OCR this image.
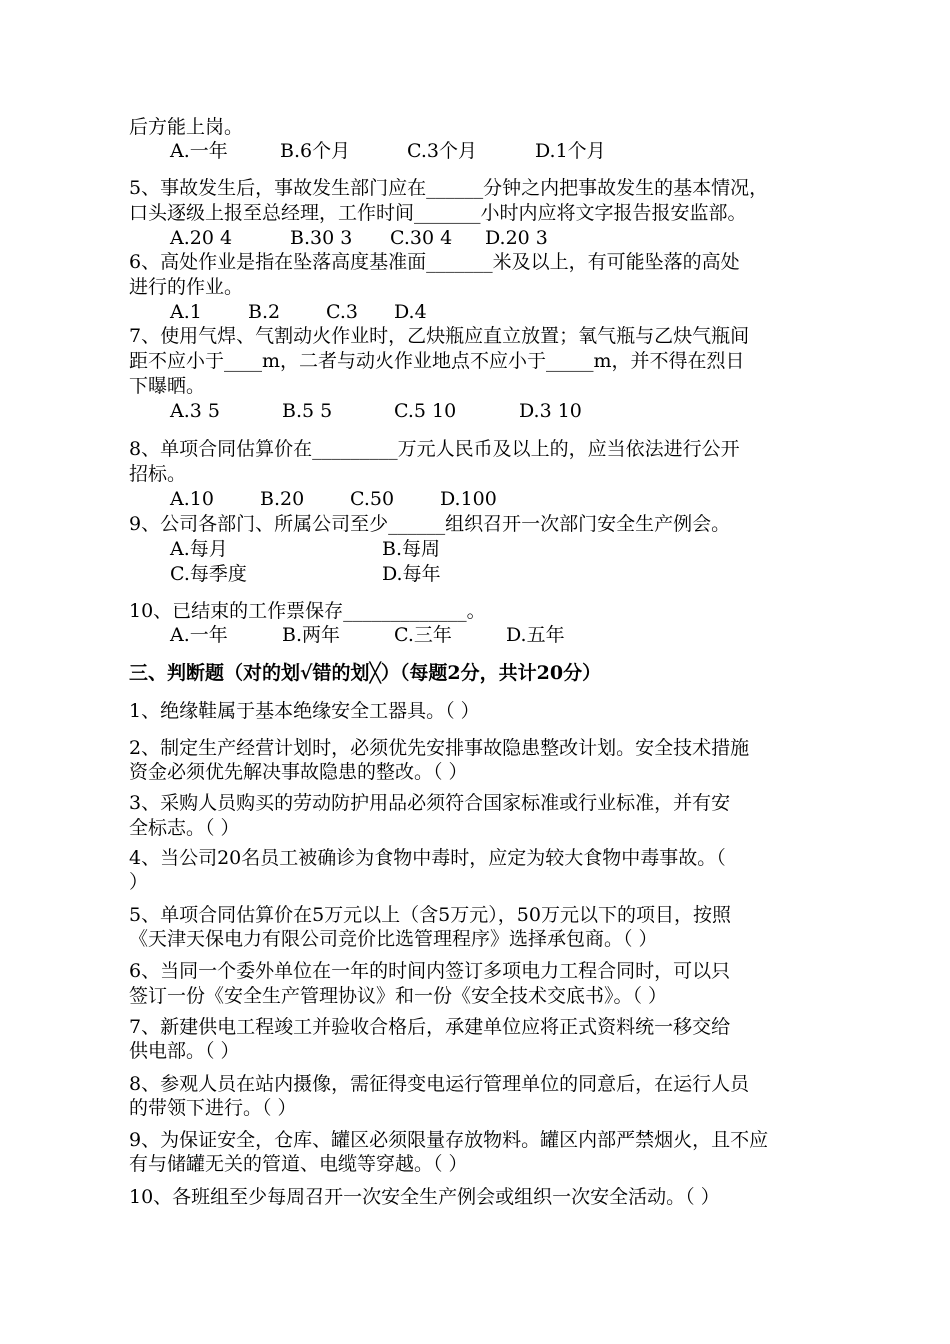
后方能上岗。
A.一年	B.6个月	C.3个月	D.1个月
5、事故发生后，事故发生部门应在______分钟之内把事故发生的基本情况，
口头逐级上报至总经理，工作时间_______小时内应将文字报告报安监部。
A.20 4	B.30 3 C.30 4 D.20 3
6、高处作业是指在坠落高度基准面_______米及以上，有可能坠落的高处
进行的作业。
A.1 B.2 C.3 D.4
7、使用气焊、气割动火作业时，乙炔瓶应直立放置；氧气瓶与乙炔气瓶间
距不应小于____m，二者与动火作业地点不应小于_____m，并不得在烈日
下曝晒。
A.3 5	B.5 5	C.5 10	D.3 10
8、单项合同估算价在_________万元人民币及以上的，应当依法进行公开
招标。
A.10 B.20 C.50 D.100
9、公司各部门、所属公司至少______组织召开一次部门安全生产例会。
A.每月	B.每周
C.每季度	D.每年
10、已结束的工作票保存_____________。
A.一年	B.两年	C.三年	D.五年
三、判断题（对的划√错的划╳）（每题2分，共计20分）
1、绝缘鞋属于基本绝缘安全工器具。（ ）
2、制定生产经营计划时，必须优先安排事故隐患整改计划。安全技术措施
资金必须优先解决事故隐患的整改。（ ）
3、采购人员购买的劳动防护用品必须符合国家标准或行业标准，并有安
全标志。（ ）
4、当公司20名员工被确诊为食物中毒时，应定为较大食物中毒事故。（
）
5、单项合同估算价在5万元以上（含5万元），50万元以下的项目，按照
《天津天保电力有限公司竞价比选管理程序》选择承包商。（ ）
6、当同一个委外单位在一年的时间内签订多项电力工程合同时，可以只
签订一份《安全生产管理协议》和一份《安全技术交底书》。（ ）
7、新建供电工程竣工并验收合格后，承建单位应将正式资料统一移交给
供电部。（ ）
8、参观人员在站内摄像，需征得变电运行管理单位的同意后，在运行人员
的带领下进行。（ ）
9、为保证安全，仓库、罐区必须限量存放物料。罐区内部严禁烟火，且不应
有与储罐无关的管道、电缆等穿越。（ ）
10、各班组至少每周召开一次安全生产例会或组织一次安全活动。（ ）
